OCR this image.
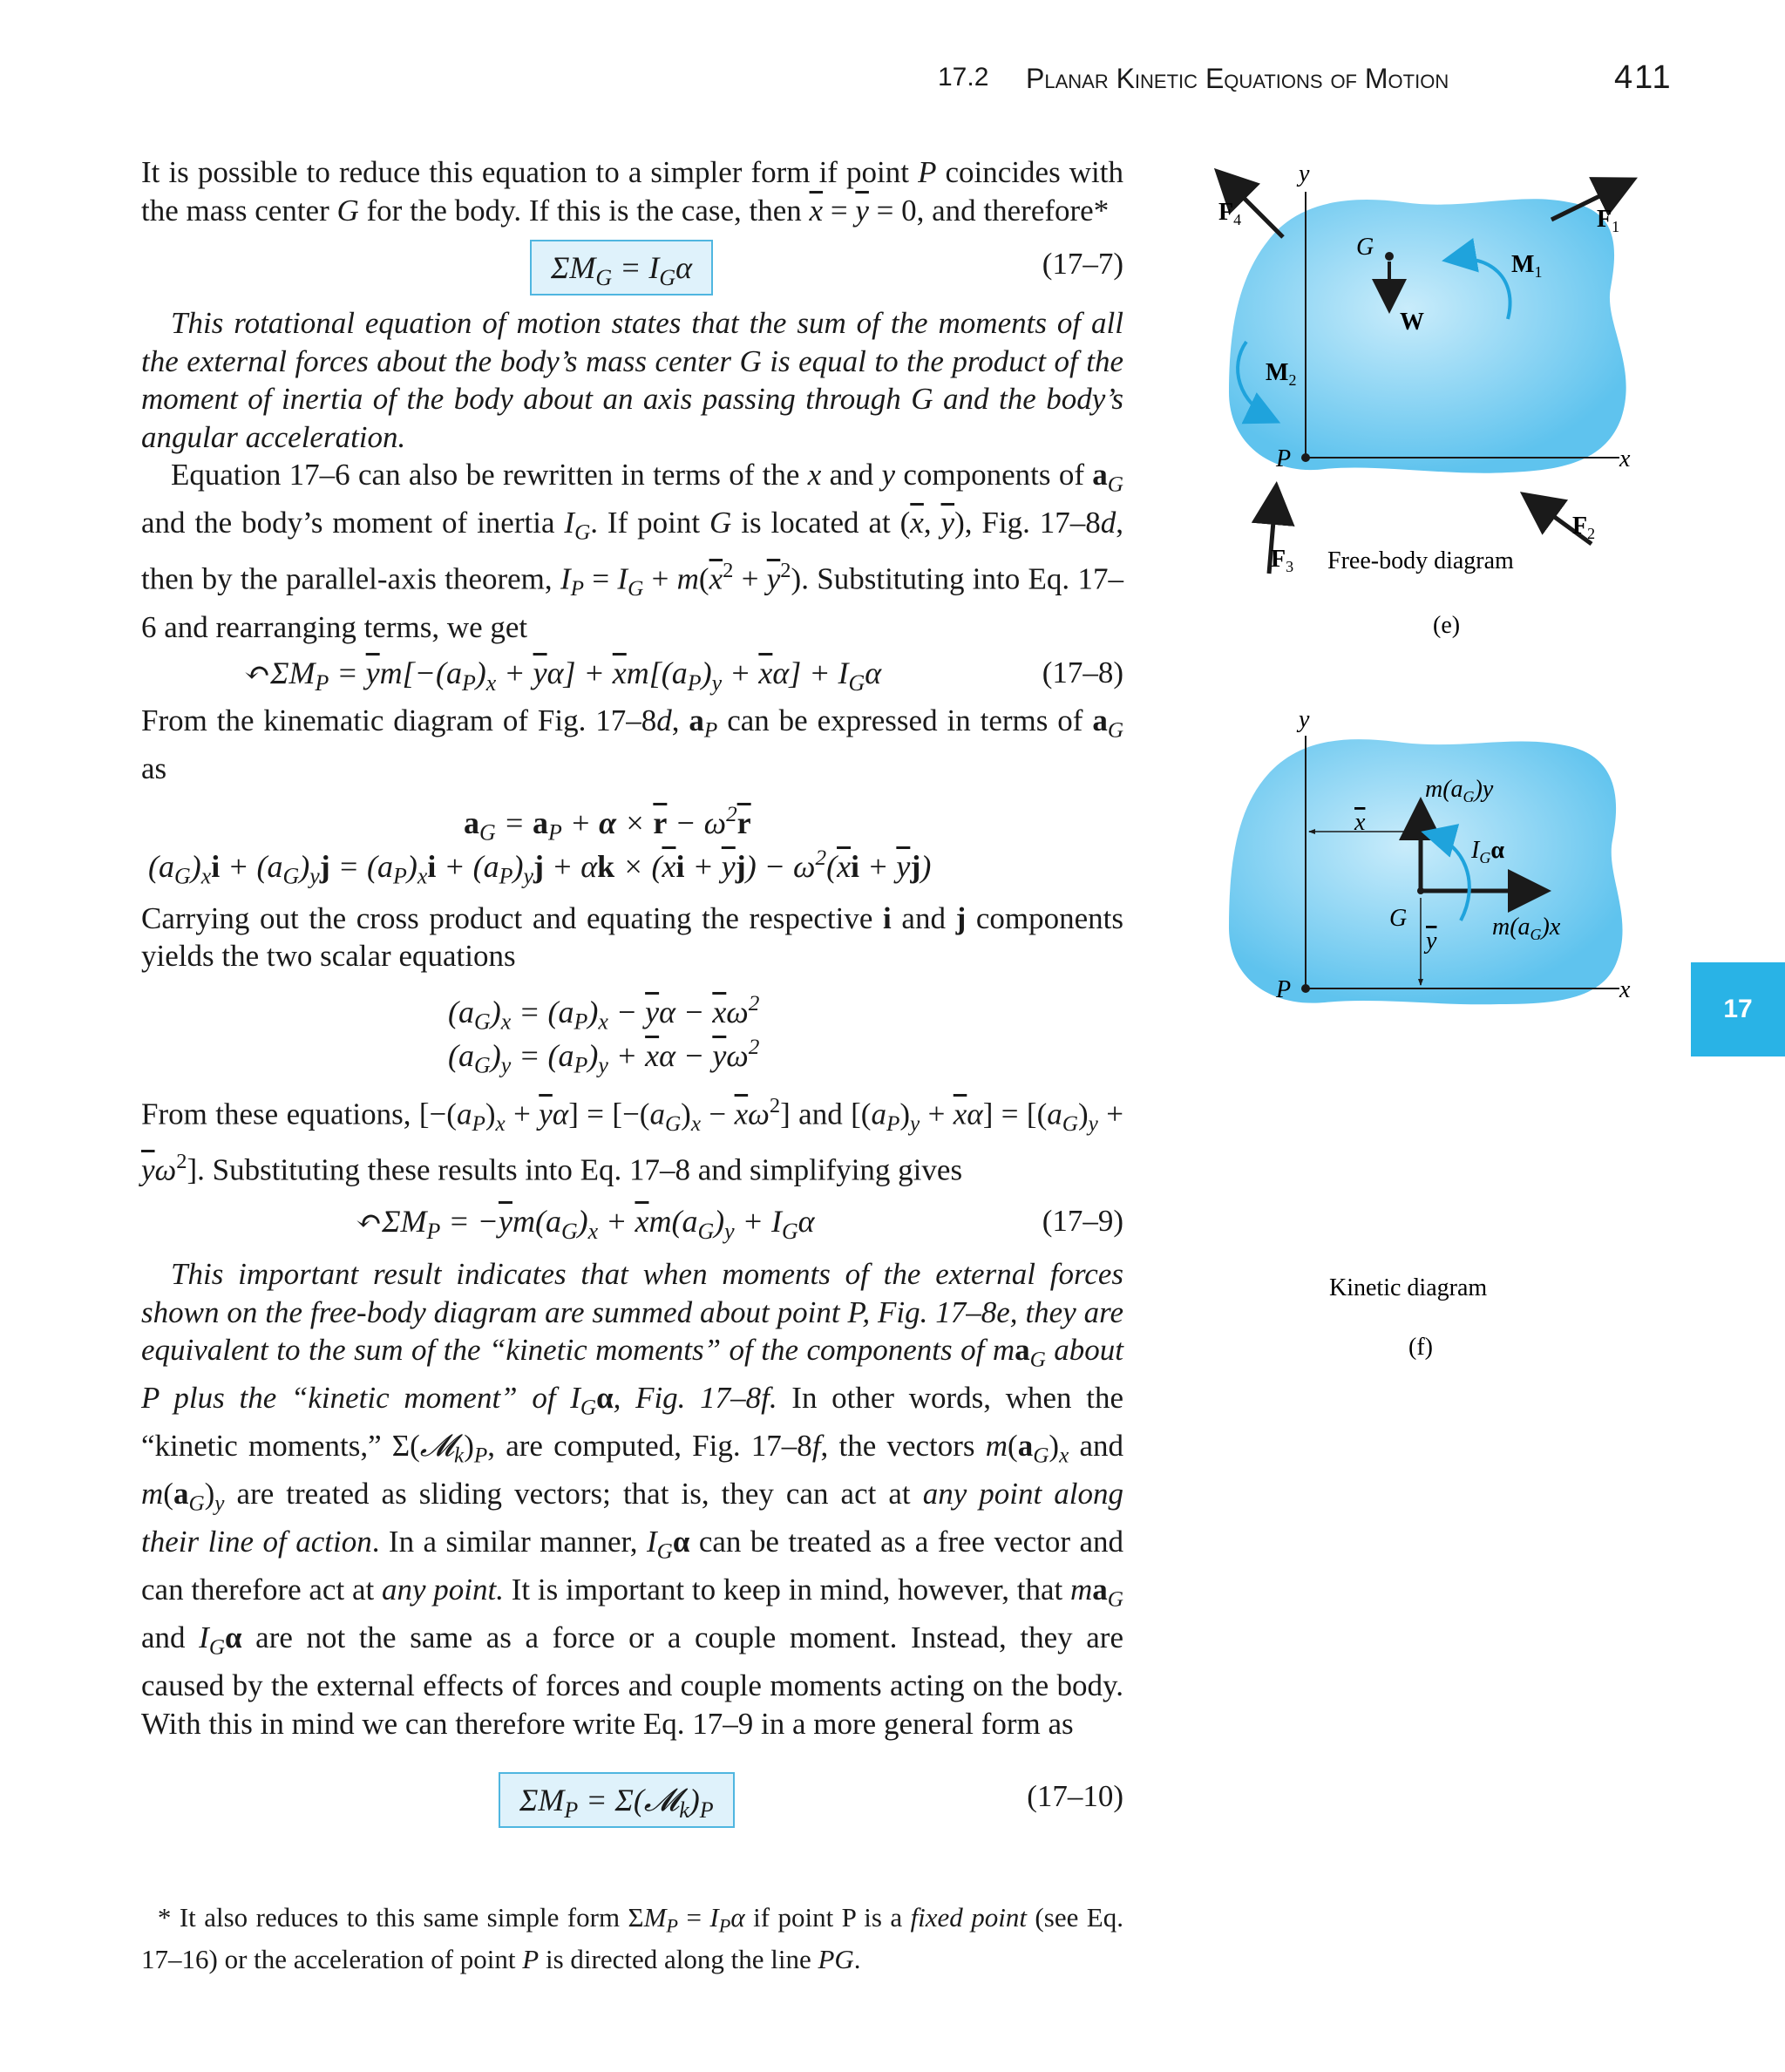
17.2 Planar Kinetic Equations of Motion	411

It is possible to reduce this equation to a simpler form if point P coincides with the mass center G for the body. If this is the case, then $\overline{x} = \overline{y} = 0$, and therefore*

$\Sigma M_G = I_G\alpha$	(17–7)

This rotational equation of motion states that the sum of the moments of all the external forces about the body’s mass center G is equal to the product of the moment of inertia of the body about an axis passing through G and the body’s angular acceleration.

Equation 17–6 can also be rewritten in terms of the x and y components of $a_G$ and the body’s moment of inertia $I_G$. If point G is located at ($\overline{x}$, $\overline{y}$), Fig. 17–8d, then by the parallel-axis theorem, $I_P = I_G + m(\overline{x}^2 + \overline{y}^2)$. Substituting into Eq. 17–6 and rearranging terms, we get

$↶\Sigma M_P = \overline{y}m[-(a_P)_x + \overline{y}\alpha] + \overline{x}m[(a_P)_y + \overline{x}\alpha] + I_G\alpha$	(17–8)

From the kinematic diagram of Fig. 17–8d, $a_P$ can be expressed in terms of $a_G$ as

$a_G = a_P + \alpha \times \overline{r} - \omega^2\overline{r}$
$(a_G)_xi + (a_G)_yj = (a_P)_xi + (a_P)_yj + \alpha k \times (\overline{x}i + \overline{y}j) - \omega^2(\overline{x}i + \overline{y}j)$

Carrying out the cross product and equating the respective i and j components yields the two scalar equations

$(a_G)_x = (a_P)_x - \overline{y}\alpha - \overline{x}\omega^2$
$(a_G)_y = (a_P)_y + \overline{x}\alpha - \overline{y}\omega^2$

From these equations, $[-(a_P)_x + \overline{y}\alpha] = [-(a_G)_x - \overline{x}\omega^2]$ and $[(a_P)_y + \overline{x}\alpha] = [(a_G)_y + \overline{y}\omega^2]$. Substituting these results into Eq. 17–8 and simplifying gives

$↶\Sigma M_P = -\overline{y}m(a_G)_x + \overline{x}m(a_G)_y + I_G\alpha$	(17–9)

This important result indicates that when moments of the external forces shown on the free-body diagram are summed about point P, Fig. 17–8e, they are equivalent to the sum of the “kinetic moments” of the components of $ma_G$ about P plus the “kinetic moment” of $I_G\alpha$, Fig. 17–8f. In other words, when the “kinetic moments,” $\Sigma(𝓜_k)_P$, are computed, Fig. 17–8f, the vectors $m(a_G)_x$ and $m(a_G)_y$ are treated as sliding vectors; that is, they can act at any point along their line of action. In a similar manner, $I_G\alpha$ can be treated as a free vector and can therefore act at any point. It is important to keep in mind, however, that $ma_G$ and $I_G\alpha$ are not the same as a force or a couple moment. Instead, they are caused by the external effects of forces and couple moments acting on the body. With this in mind we can therefore write Eq. 17–9 in a more general form as

$\Sigma M_P$ = $\Sigma(𝓜_k)_P$	(17–10)
* It also reduces to this same simple form $\Sigma M_P = I_P\alpha$ if point P is a fixed point (see Eq. 17–16) or the acceleration of point P is directed along the line PG.
y
x
P
G
W
$F_4$	$F_1$
$F_2$
$F_3$
$M_1$
$M_2$
Free-body diagram
(e)
y
x
P
x
y
G
$m(a_G)y$
$m(a_G)x$
$I_G\alpha$
Kinetic diagram
(f)
17
